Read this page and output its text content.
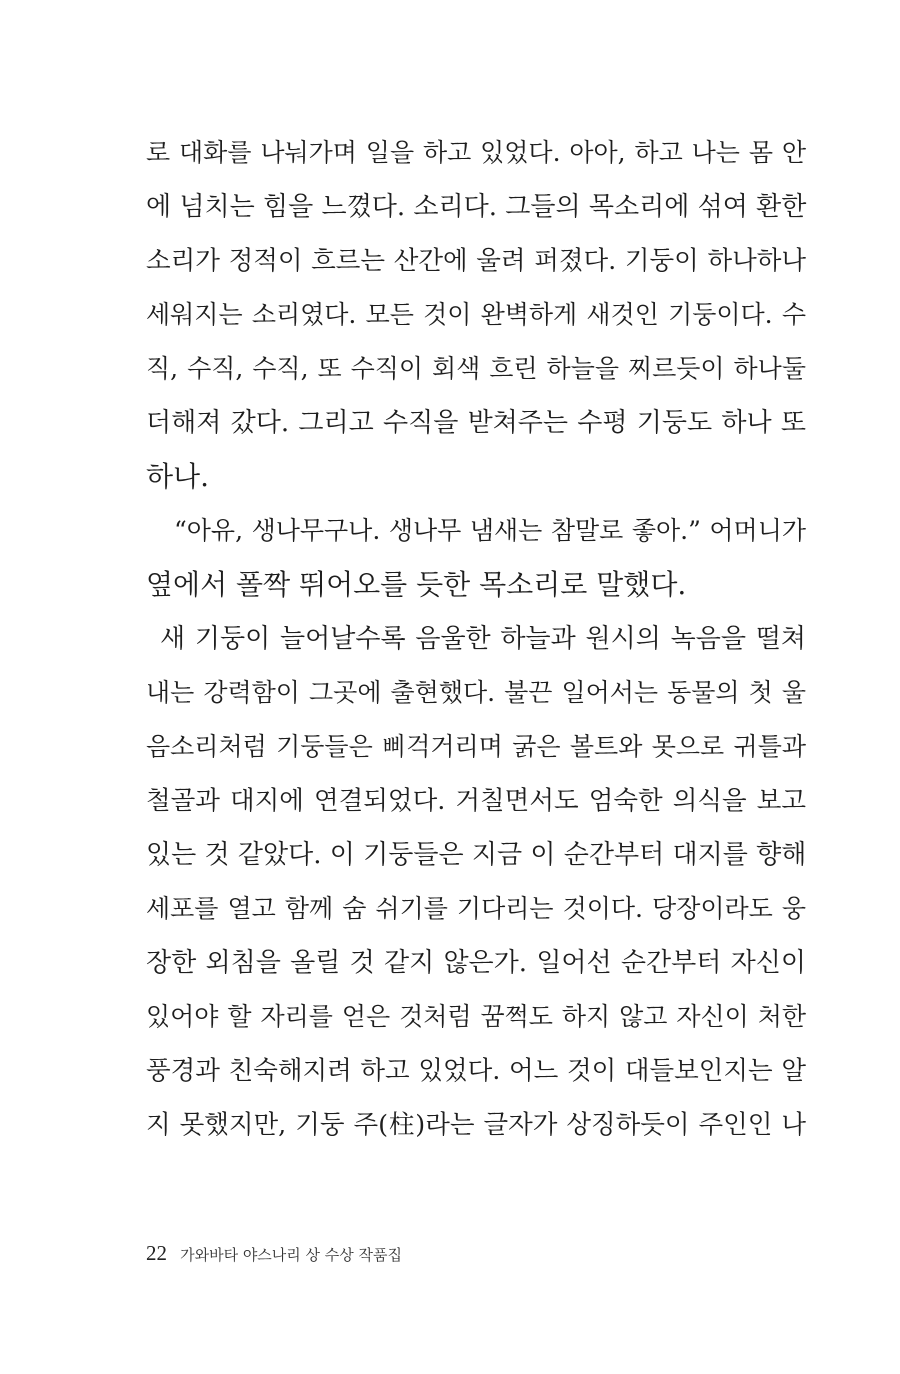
로 대화를 나눠가며 일을 하고 있었다. 아아, 하고 나는 몸 안
에 넘치는 힘을 느꼈다. 소리다. 그들의 목소리에 섞여 환한
소리가 정적이 흐르는 산간에 울려 퍼졌다. 기둥이 하나하나
세워지는 소리였다. 모든 것이 완벽하게 새것인 기둥이다. 수
직, 수직, 수직, 또 수직이 회색 흐린 하늘을 찌르듯이 하나둘
더해져 갔다. 그리고 수직을 받쳐주는 수평 기둥도 하나 또
하나.
“아유, 생나무구나. 생나무 냄새는 참말로 좋아.” 어머니가
옆에서 폴짝 뛰어오를 듯한 목소리로 말했다.
새 기둥이 늘어날수록 음울한 하늘과 원시의 녹음을 떨쳐
내는 강력함이 그곳에 출현했다. 불끈 일어서는 동물의 첫 울
음소리처럼 기둥들은 삐걱거리며 굵은 볼트와 못으로 귀틀과
철골과 대지에 연결되었다. 거칠면서도 엄숙한 의식을 보고
있는 것 같았다. 이 기둥들은 지금 이 순간부터 대지를 향해
세포를 열고 함께 숨 쉬기를 기다리는 것이다. 당장이라도 웅
장한 외침을 올릴 것 같지 않은가. 일어선 순간부터 자신이
있어야 할 자리를 얻은 것처럼 꿈쩍도 하지 않고 자신이 처한
풍경과 친숙해지려 하고 있었다. 어느 것이 대들보인지는 알
지 못했지만, 기둥 주(柱)라는 글자가 상징하듯이 주인인 나
22 가와바타 야스나리 상 수상 작품집
